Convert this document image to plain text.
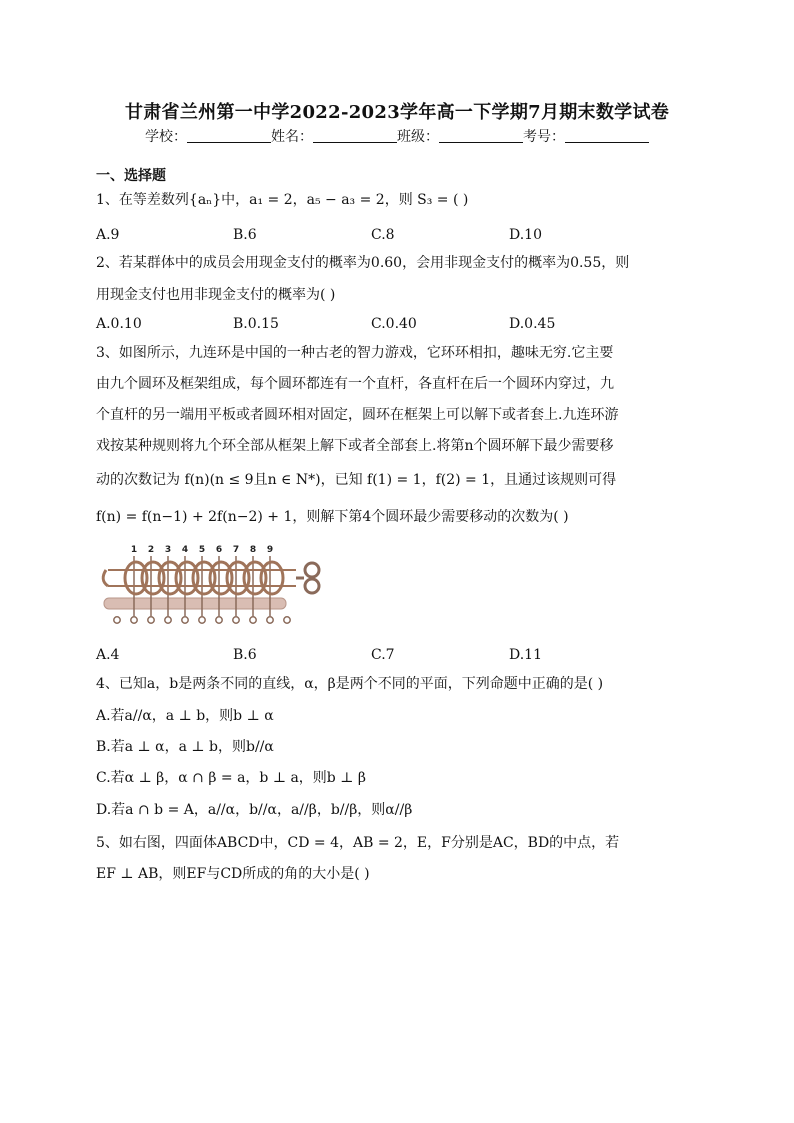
甘肃省兰州第一中学2022-2023学年高一下学期7月期末数学试卷
学校：	姓名：	班级：	考号：
一、选择题
1、在等差数列{aₙ}中，a₁ = 2，a₅ − a₃ = 2，则 S₃ = ( )
A.9	B.6	C.8	D.10
2、若某群体中的成员会用现金支付的概率为0.60，会用非现金支付的概率为0.55，则
用现金支付也用非现金支付的概率为( )
A.0.10	B.0.15	C.0.40	D.0.45
3、如图所示，九连环是中国的一种古老的智力游戏，它环环相扣，趣味无穷.它主要
由九个圆环及框架组成，每个圆环都连有一个直杆，各直杆在后一个圆环内穿过，九
个直杆的另一端用平板或者圆环相对固定，圆环在框架上可以解下或者套上.九连环游
戏按某种规则将九个环全部从框架上解下或者全部套上.将第n个圆环解下最少需要移
动的次数记为 f(n)(n ≤ 9且n ∈ N*)，已知 f(1) = 1，f(2) = 1，且通过该规则可得
f(n) = f(n−1) + 2f(n−2) + 1，则解下第4个圆环最少需要移动的次数为( )
1 2 3 4 5 6 7 8 9
A.4	B.6	C.7	D.11
4、已知a，b是两条不同的直线，α，β是两个不同的平面，下列命题中正确的是( )
A.若a//α，a ⊥ b，则b ⊥ α
B.若a ⊥ α，a ⊥ b，则b//α
C.若α ⊥ β，α ∩ β = a，b ⊥ a，则b ⊥ β
D.若a ∩ b = A，a//α，b//α，a//β，b//β，则α//β
5、如右图，四面体ABCD中，CD = 4，AB = 2，E，F分别是AC，BD的中点，若
EF ⊥ AB，则EF与CD所成的角的大小是( )
